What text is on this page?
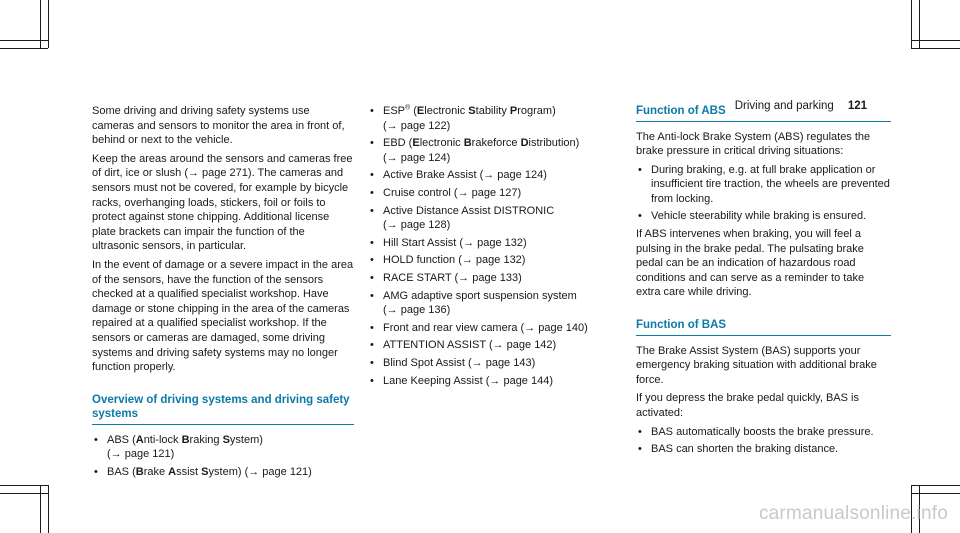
Driving and parking 121

Some driving and driving safety systems use cameras and sensors to monitor the area in front of, behind or next to the vehicle.

Keep the areas around the sensors and cameras free of dirt, ice or slush (→ page 271). The cameras and sensors must not be covered, for example by bicycle racks, overhanging loads, stickers, foil or foils to protect against stone chipping. Additional license plate brackets can impair the function of the ultrasonic sensors, in particular.

In the event of damage or a severe impact in the area of the sensors, have the function of the sensors checked at a qualified specialist workshop. Have damage or stone chipping in the area of the cameras repaired at a qualified specialist workshop. If the sensors or cameras are damaged, some driving systems and driving safety systems may no longer function properly.

Overview of driving systems and driving safety systems
• ABS (Anti-lock Braking System)
(→ page 121)
• BAS (Brake Assist System) (→ page 121)
• ESP® (Electronic Stability Program)
(→ page 122)
• EBD (Electronic Brakeforce Distribution)
(→ page 124)
• Active Brake Assist (→ page 124)
• Cruise control (→ page 127)
• Active Distance Assist DISTRONIC
(→ page 128)
• Hill Start Assist (→ page 132)
• HOLD function (→ page 132)
• RACE START (→ page 133)
• AMG adaptive sport suspension system
(→ page 136)
• Front and rear view camera (→ page 140)
• ATTENTION ASSIST (→ page 142)
• Blind Spot Assist (→ page 143)
• Lane Keeping Assist (→ page 144)
Function of ABS

The Anti-lock Brake System (ABS) regulates the brake pressure in critical driving situations:

• During braking, e.g. at full brake application or insufficient tire traction, the wheels are prevented from locking.
• Vehicle steerability while braking is ensured.

If ABS intervenes when braking, you will feel a pulsing in the brake pedal. The pulsating brake pedal can be an indication of hazardous road conditions and can serve as a reminder to take extra care while driving.

Function of BAS

The Brake Assist System (BAS) supports your emergency braking situation with additional brake force.

If you depress the brake pedal quickly, BAS is activated:

• BAS automatically boosts the brake pressure.
• BAS can shorten the braking distance.
carmanualsonline.info
